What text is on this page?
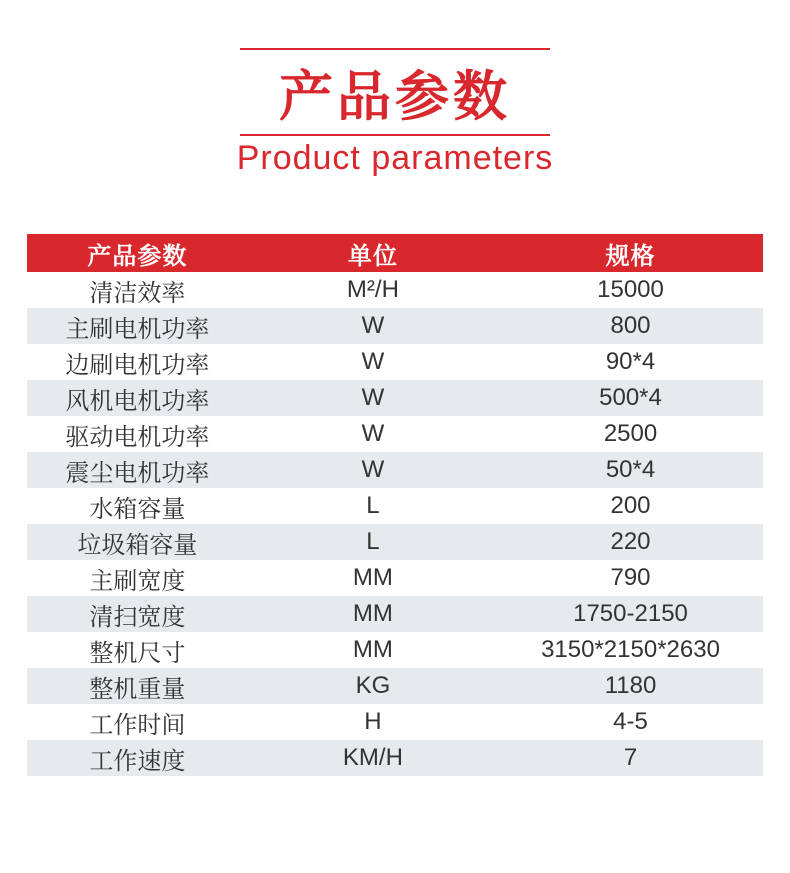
产品参数
Product parameters
产品参数	单位	规格
清洁效率	M²/H	15000
主刷电机功率	W	800
边刷电机功率	W	90*4
风机电机功率	W	500*4
驱动电机功率	W	2500
震尘电机功率	W	50*4
水箱容量	L	200
垃圾箱容量	L	220
主刷宽度	MM	790
清扫宽度	MM	1750-2150
整机尺寸	MM	3150*2150*2630
整机重量	KG	1180
工作时间	H	4-5
工作速度	KM/H	7
